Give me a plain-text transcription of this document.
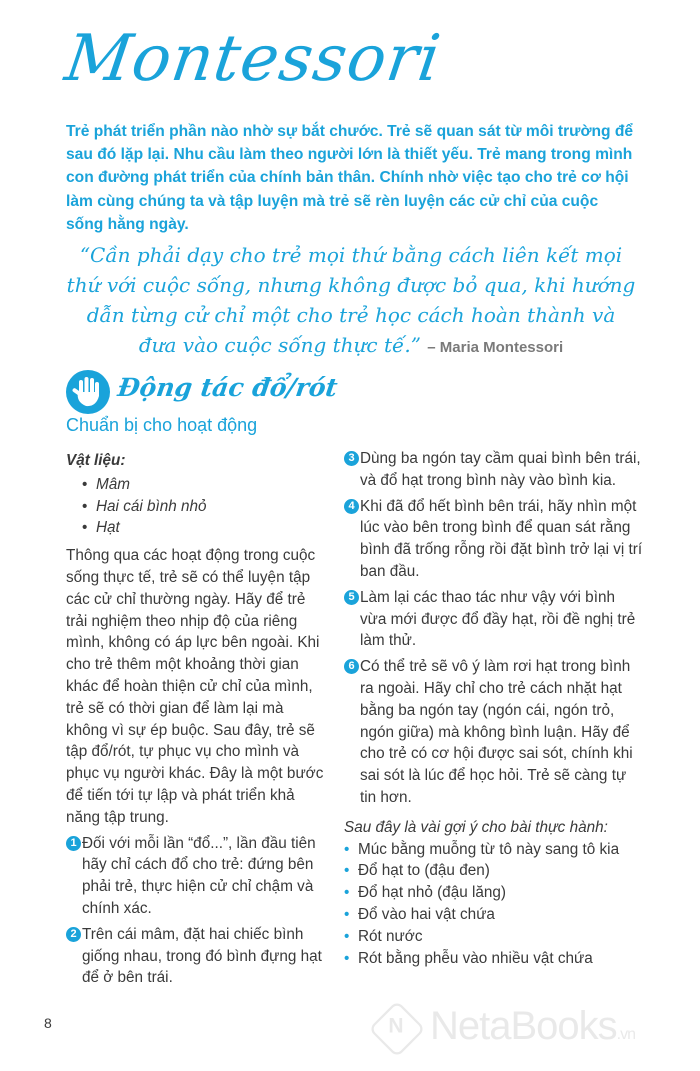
Montessori
Trẻ phát triển phần nào nhờ sự bắt chước. Trẻ sẽ quan sát từ môi trường để sau đó lặp lại. Nhu cầu làm theo người lớn là thiết yếu. Trẻ mang trong mình con đường phát triển của chính bản thân. Chính nhờ việc tạo cho trẻ cơ hội làm cùng chúng ta và tập luyện mà trẻ sẽ rèn luyện các cử chỉ của cuộc sống hằng ngày.
“Cần phải dạy cho trẻ mọi thứ bằng cách liên kết mọi thứ với cuộc sống, nhưng không được bỏ qua, khi hướng dẫn từng cử chỉ một cho trẻ học cách hoàn thành và đưa vào cuộc sống thực tế.” – Maria Montessori
Động tác đổ/rót
Chuẩn bị cho hoạt động
Vật liệu:
• Mâm
• Hai cái bình nhỏ
• Hạt
Thông qua các hoạt động trong cuộc sống thực tế, trẻ sẽ có thể luyện tập các cử chỉ thường ngày. Hãy để trẻ trải nghiệm theo nhịp độ của riêng mình, không có áp lực bên ngoài. Khi cho trẻ thêm một khoảng thời gian khác để hoàn thiện cử chỉ của mình, trẻ sẽ có thời gian để làm lại mà không vì sự ép buộc. Sau đây, trẻ sẽ tập đổ/rót, tự phục vụ cho mình và phục vụ người khác. Đây là một bước để tiến tới tự lập và phát triển khả năng tập trung.
1 Đối với mỗi lần “đổ...”, lần đầu tiên hãy chỉ cách đổ cho trẻ: đứng bên phải trẻ, thực hiện cử chỉ chậm và chính xác.
2 Trên cái mâm, đặt hai chiếc bình giống nhau, trong đó bình đựng hạt để ở bên trái.
3 Dùng ba ngón tay cầm quai bình bên trái, và đổ hạt trong bình này vào bình kia.
4 Khi đã đổ hết bình bên trái, hãy nhìn một lúc vào bên trong bình để quan sát rằng bình đã trống rỗng rồi đặt bình trở lại vị trí ban đầu.
5 Làm lại các thao tác như vậy với bình vừa mới được đổ đầy hạt, rồi đề nghị trẻ làm thử.
6 Có thể trẻ sẽ vô ý làm rơi hạt trong bình ra ngoài. Hãy chỉ cho trẻ cách nhặt hạt bằng ba ngón tay (ngón cái, ngón trỏ, ngón giữa) mà không bình luận. Hãy để cho trẻ có cơ hội được sai sót, chính khi sai sót là lúc để học hỏi. Trẻ sẽ càng tự tin hơn.
Sau đây là vài gợi ý cho bài thực hành:
• Múc bằng muỗng từ tô này sang tô kia
• Đổ hạt to (đậu đen)
• Đổ hạt nhỏ (đậu lăng)
• Đổ vào hai vật chứa
• Rót nước
• Rót bằng phễu vào nhiều vật chứa
8	N NetaBooks.vn
